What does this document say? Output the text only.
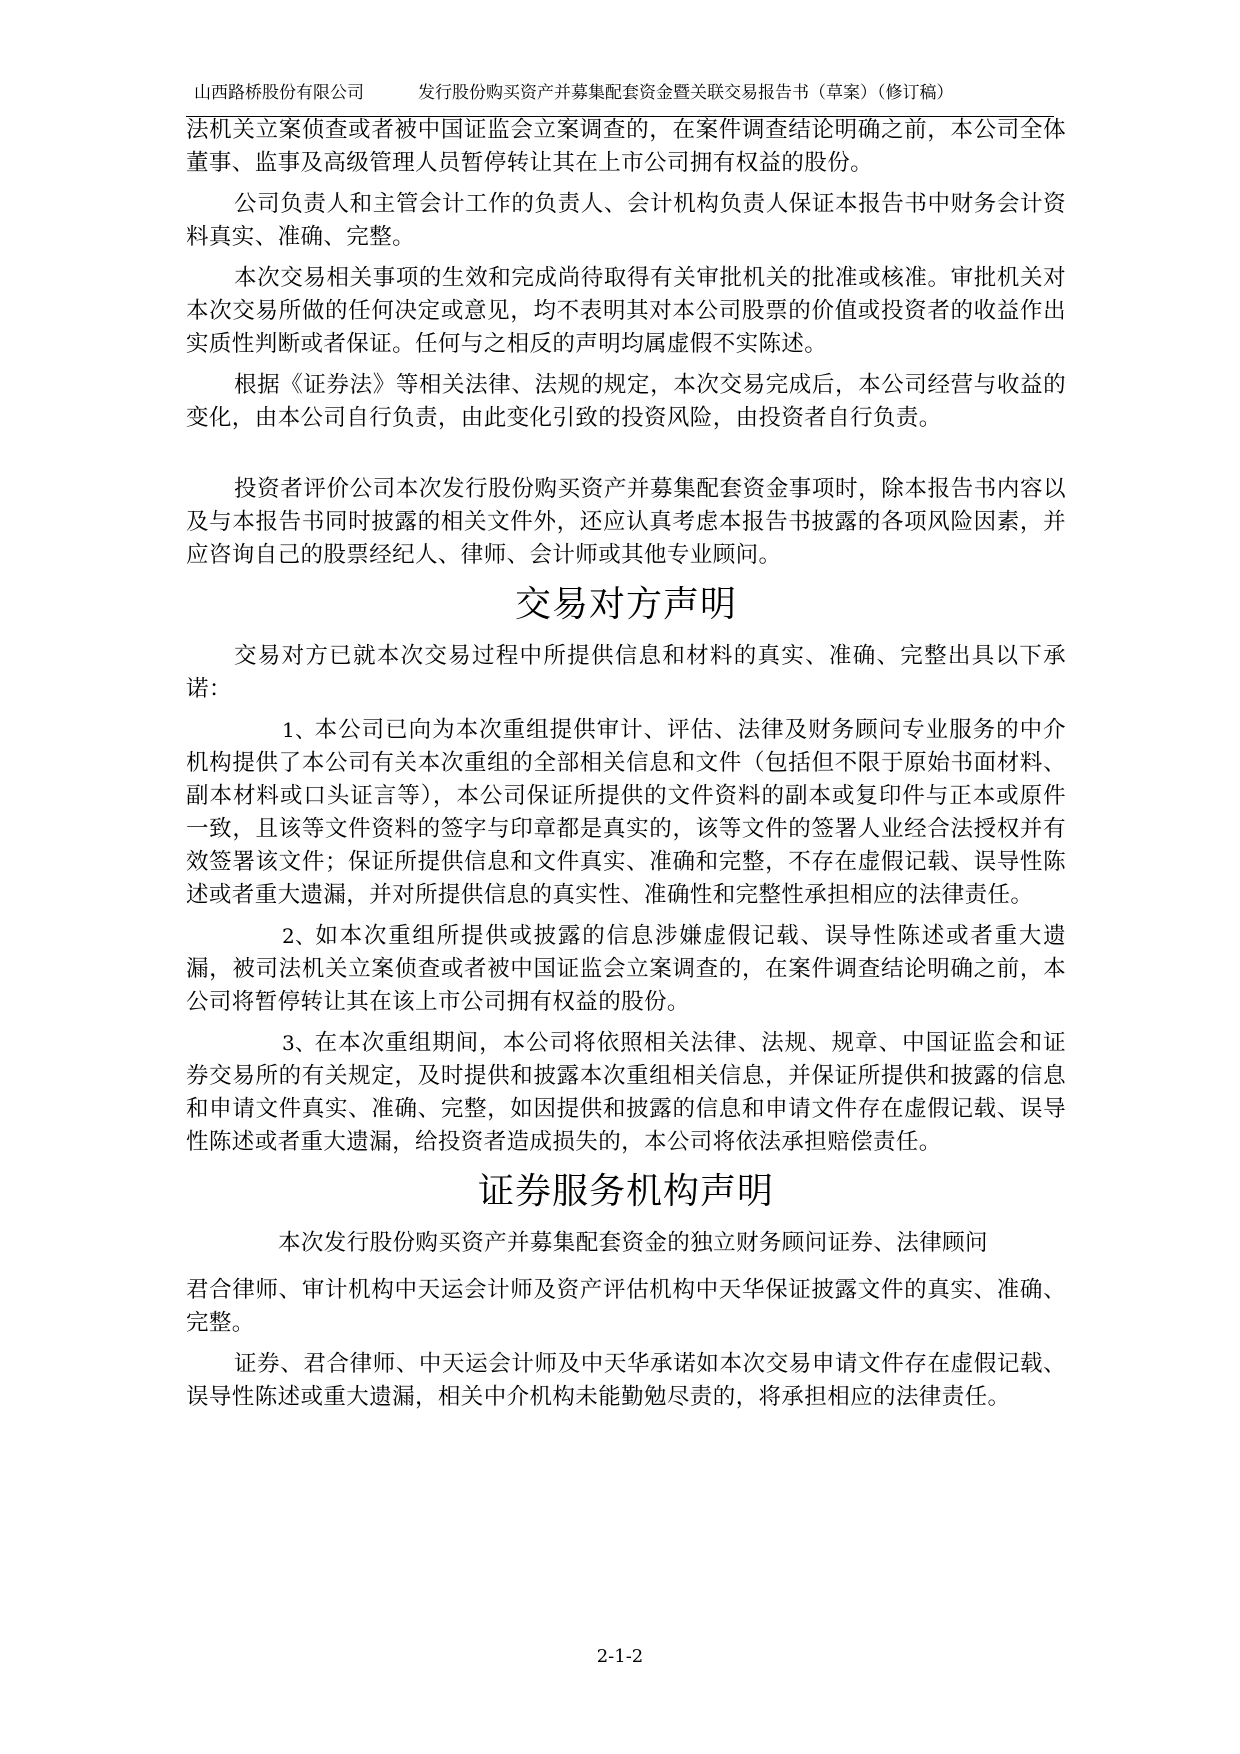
山西路桥股份有限公司	发行股份购买资产并募集配套资金暨关联交易报告书（草案）（修订稿）

法机关立案侦查或者被中国证监会立案调查的，在案件调查结论明确之前，本公司全体董事、监事及高级管理人员暂停转让其在上市公司拥有权益的股份。

公司负责人和主管会计工作的负责人、会计机构负责人保证本报告书中财务会计资料真实、准确、完整。

本次交易相关事项的生效和完成尚待取得有关审批机关的批准或核准。审批机关对本次交易所做的任何决定或意见，均不表明其对本公司股票的价值或投资者的收益作出实质性判断或者保证。任何与之相反的声明均属虚假不实陈述。

根据《证券法》等相关法律、法规的规定，本次交易完成后，本公司经营与收益的变化，由本公司自行负责，由此变化引致的投资风险，由投资者自行负责。

投资者评价公司本次发行股份购买资产并募集配套资金事项时，除本报告书内容以及与本报告书同时披露的相关文件外，还应认真考虑本报告书披露的各项风险因素，并应咨询自己的股票经纪人、律师、会计师或其他专业顾问。

交易对方声明

交易对方已就本次交易过程中所提供信息和材料的真实、准确、完整出具以下承诺：

1、本公司已向为本次重组提供审计、评估、法律及财务顾问专业服务的中介机构提供了本公司有关本次重组的全部相关信息和文件（包括但不限于原始书面材料、副本材料或口头证言等），本公司保证所提供的文件资料的副本或复印件与正本或原件一致，且该等文件资料的签字与印章都是真实的，该等文件的签署人业经合法授权并有效签署该文件；保证所提供信息和文件真实、准确和完整，不存在虚假记载、误导性陈述或者重大遗漏，并对所提供信息的真实性、准确性和完整性承担相应的法律责任。

2、如本次重组所提供或披露的信息涉嫌虚假记载、误导性陈述或者重大遗漏，被司法机关立案侦查或者被中国证监会立案调查的，在案件调查结论明确之前，本公司将暂停转让其在该上市公司拥有权益的股份。

3、在本次重组期间，本公司将依照相关法律、法规、规章、中国证监会和证券交易所的有关规定，及时提供和披露本次重组相关信息，并保证所提供和披露的信息和申请文件真实、准确、完整，如因提供和披露的信息和申请文件存在虚假记载、误导性陈述或者重大遗漏，给投资者造成损失的，本公司将依法承担赔偿责任。

证券服务机构声明

本次发行股份购买资产并募集配套资金的独立财务顾问证券、法律顾问

君合律师、审计机构中天运会计师及资产评估机构中天华保证披露文件的真实、准确、完整。

证券、君合律师、中天运会计师及中天华承诺如本次交易申请文件存在虚假记载、误导性陈述或重大遗漏，相关中介机构未能勤勉尽责的，将承担相应的法律责任。

2-1-2
